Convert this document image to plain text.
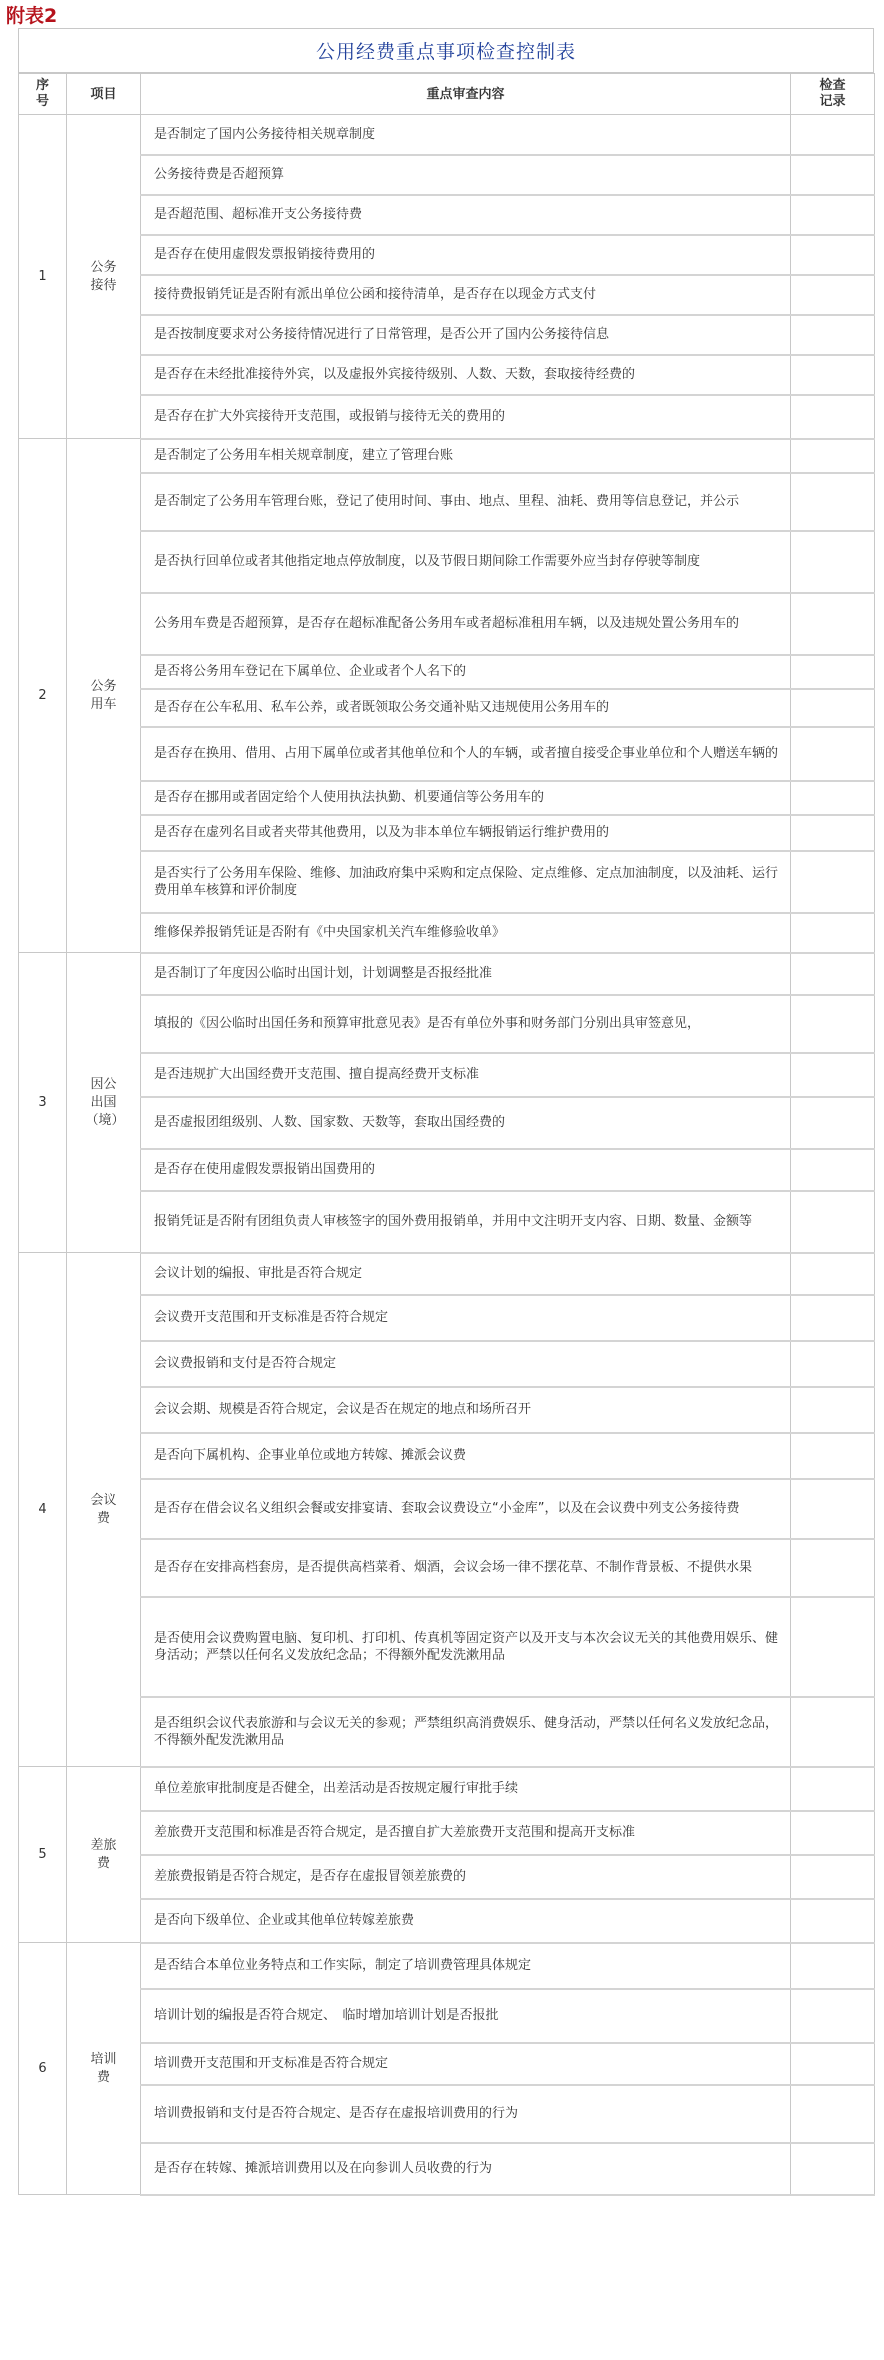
附表2
公用经费重点事项检查控制表
序
号	项目	重点审查内容	检查
记录
1	公务接待	是否制定了国内公务接待相关规章制度	
		公务接待费是否超预算	
		是否超范围、超标准开支公务接待费	
		是否存在使用虚假发票报销接待费用的	
		接待费报销凭证是否附有派出单位公函和接待清单，是否存在以现金方式支付	
		是否按制度要求对公务接待情况进行了日常管理，是否公开了国内公务接待信息	
		是否存在未经批准接待外宾，以及虚报外宾接待级别、人数、天数，套取接待经费的	
		是否存在扩大外宾接待开支范围，或报销与接待无关的费用的	
2	公务用车	是否制定了公务用车相关规章制度，建立了管理台账	
		是否制定了公务用车管理台账，登记了使用时间、事由、地点、里程、油耗、费用等信息登记，并公示	
		是否执行回单位或者其他指定地点停放制度，以及节假日期间除工作需要外应当封存停驶等制度	
		公务用车费是否超预算，是否存在超标准配备公务用车或者超标准租用车辆，以及违规处置公务用车的	
		是否将公务用车登记在下属单位、企业或者个人名下的	
		是否存在公车私用、私车公养，或者既领取公务交通补贴又违规使用公务用车的	
		是否存在换用、借用、占用下属单位或者其他单位和个人的车辆，或者擅自接受企事业单位和个人赠送车辆的	
		是否存在挪用或者固定给个人使用执法执勤、机要通信等公务用车的	
		是否存在虚列名目或者夹带其他费用，以及为非本单位车辆报销运行维护费用的	
		是否实行了公务用车保险、维修、加油政府集中采购和定点保险、定点维修、定点加油制度，以及油耗、运行费用单车核算和评价制度	
		维修保养报销凭证是否附有《中央国家机关汽车维修验收单》	
3	因公出国（境）	是否制订了年度因公临时出国计划，计划调整是否报经批准	
		填报的《因公临时出国任务和预算审批意见表》是否有单位外事和财务部门分别出具审签意见，	
		是否违规扩大出国经费开支范围、擅自提高经费开支标准	
		是否虚报团组级别、人数、国家数、天数等，套取出国经费的	
		是否存在使用虚假发票报销出国费用的	
		报销凭证是否附有团组负责人审核签字的国外费用报销单，并用中文注明开支内容、日期、数量、金额等	
4	会议费	会议计划的编报、审批是否符合规定	
		会议费开支范围和开支标准是否符合规定	
		会议费报销和支付是否符合规定	
		会议会期、规模是否符合规定，会议是否在规定的地点和场所召开	
		是否向下属机构、企事业单位或地方转嫁、摊派会议费	
		是否存在借会议名义组织会餐或安排宴请、套取会议费设立“小金库”，以及在会议费中列支公务接待费	
		是否存在安排高档套房，是否提供高档菜肴、烟酒，会议会场一律不摆花草、不制作背景板、不提供水果	
		是否使用会议费购置电脑、复印机、打印机、传真机等固定资产以及开支与本次会议无关的其他费用娱乐、健身活动；严禁以任何名义发放纪念品；不得额外配发洗漱用品	
		是否组织会议代表旅游和与会议无关的参观；严禁组织高消费娱乐、健身活动，严禁以任何名义发放纪念品，不得额外配发洗漱用品	
5	差旅费	单位差旅审批制度是否健全，出差活动是否按规定履行审批手续	
		差旅费开支范围和标准是否符合规定，是否擅自扩大差旅费开支范围和提高开支标准	
		差旅费报销是否符合规定，是否存在虚报冒领差旅费的	
		是否向下级单位、企业或其他单位转嫁差旅费	
6	培训费	是否结合本单位业务特点和工作实际，制定了培训费管理具体规定	
		培训计划的编报是否符合规定、　临时增加培训计划是否报批	
		培训费开支范围和开支标准是否符合规定	
		培训费报销和支付是否符合规定、是否存在虚报培训费用的行为	
		是否存在转嫁、摊派培训费用以及在向参训人员收费的行为	
